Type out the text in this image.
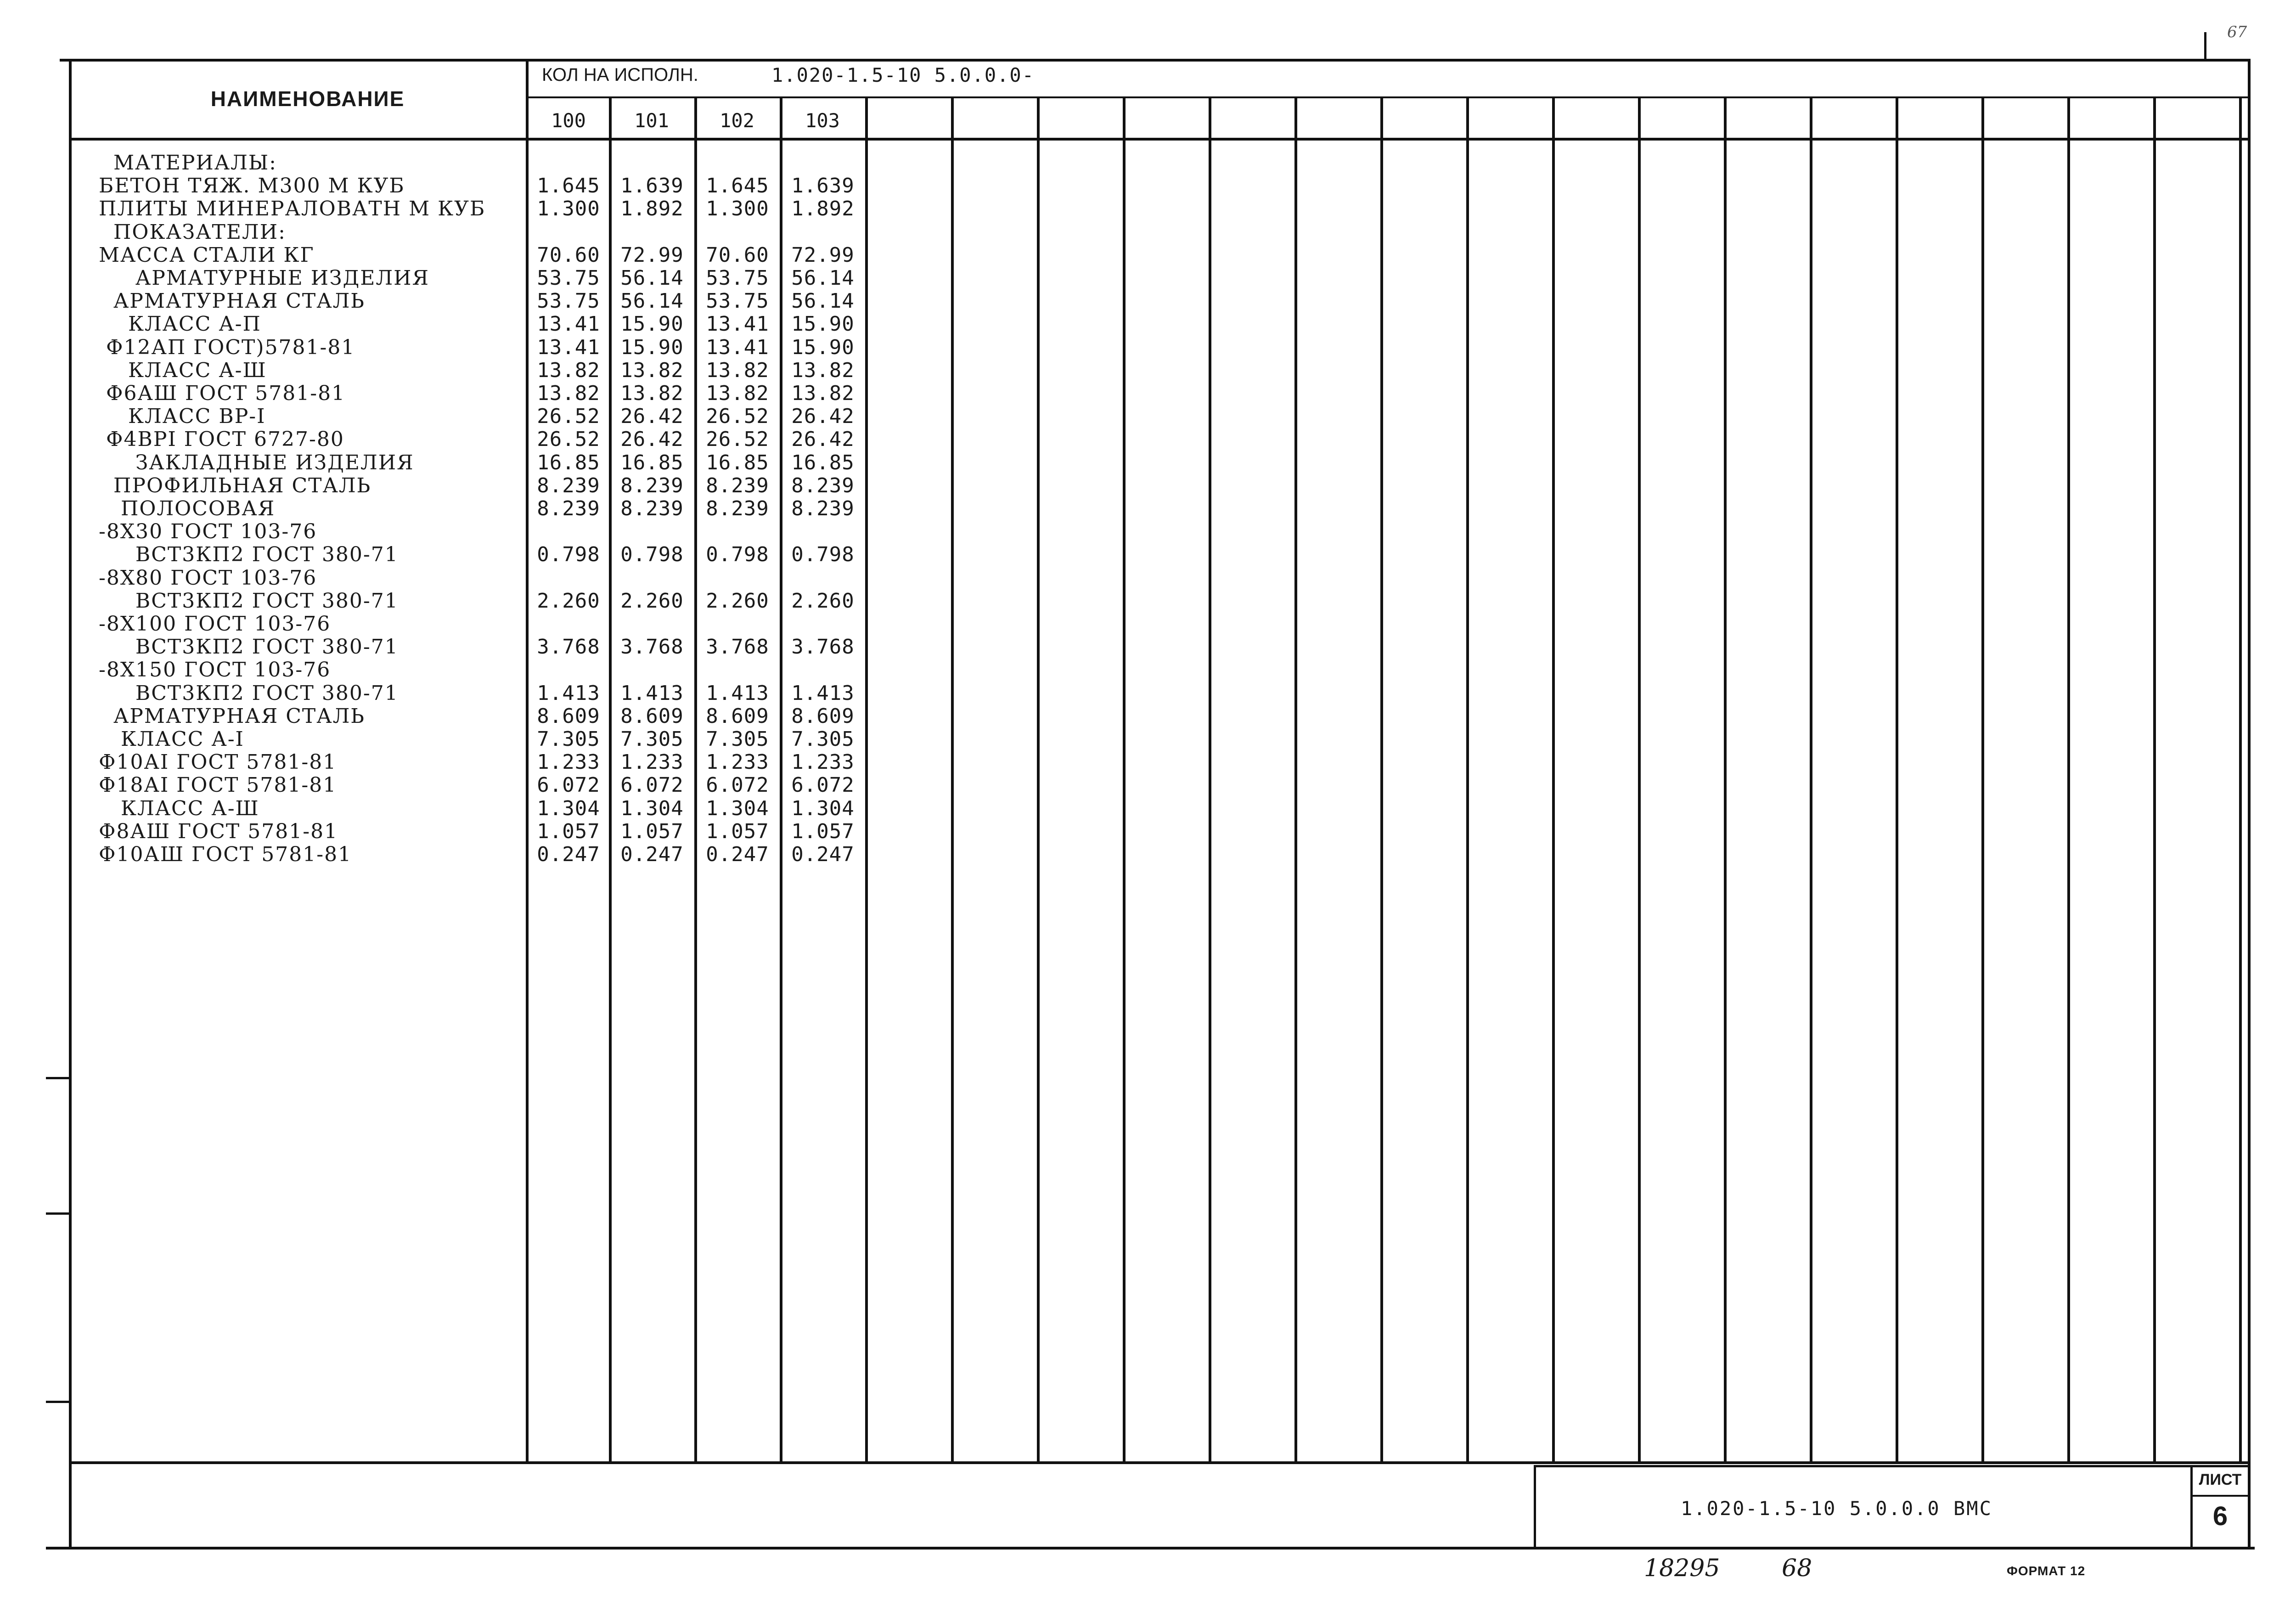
НАИМЕНОВАНИЕ
КОЛ НА ИСПОЛН.	1.020-1.5-10 5.0.0.0-
100	101	102	103
МАТЕРИАЛЫ:
БЕТОН ТЯЖ. М300 М КУБ	1.645	1.639	1.645	1.639
ПЛИТЫ МИНЕРАЛОВАТН М КУБ	1.300	1.892	1.300	1.892
ПОКАЗАТЕЛИ:
МАССА СТАЛИ КГ	70.60	72.99	70.60	72.99
АРМАТУРНЫЕ ИЗДЕЛИЯ	53.75	56.14	53.75	56.14
АРМАТУРНАЯ СТАЛЬ	53.75	56.14	53.75	56.14
КЛАСС А-П	13.41	15.90	13.41	15.90
Ф12АП ГОСТ)5781-81	13.41	15.90	13.41	15.90
КЛАСС А-Ш	13.82	13.82	13.82	13.82
Ф6АШ ГОСТ 5781-81	13.82	13.82	13.82	13.82
КЛАСС ВР-I	26.52	26.42	26.52	26.42
Ф4ВРI ГОСТ 6727-80	26.52	26.42	26.52	26.42
ЗАКЛАДНЫЕ ИЗДЕЛИЯ	16.85	16.85	16.85	16.85
ПРОФИЛЬНАЯ СТАЛЬ	8.239	8.239	8.239	8.239
ПОЛОСОВАЯ	8.239	8.239	8.239	8.239
-8X30 ГОСТ 103-76
ВСТ3КП2 ГОСТ 380-71	0.798	0.798	0.798	0.798
-8X80 ГОСТ 103-76
ВСТ3КП2 ГОСТ 380-71	2.260	2.260	2.260	2.260
-8X100 ГОСТ 103-76
ВСТ3КП2 ГОСТ 380-71	3.768	3.768	3.768	3.768
-8X150 ГОСТ 103-76
ВСТ3КП2 ГОСТ 380-71	1.413	1.413	1.413	1.413
АРМАТУРНАЯ СТАЛЬ	8.609	8.609	8.609	8.609
КЛАСС А-I	7.305	7.305	7.305	7.305
Ф10АI ГОСТ 5781-81	1.233	1.233	1.233	1.233
Ф18АI ГОСТ 5781-81	6.072	6.072	6.072	6.072
КЛАСС А-Ш	1.304	1.304	1.304	1.304
Ф8АШ ГОСТ 5781-81	1.057	1.057	1.057	1.057
Ф10АШ ГОСТ 5781-81	0.247	0.247	0.247	0.247
1.020-1.5-10 5.0.0.0 ВМС
ЛИСТ
6
18295	68	ФОРМАТ 12
67
